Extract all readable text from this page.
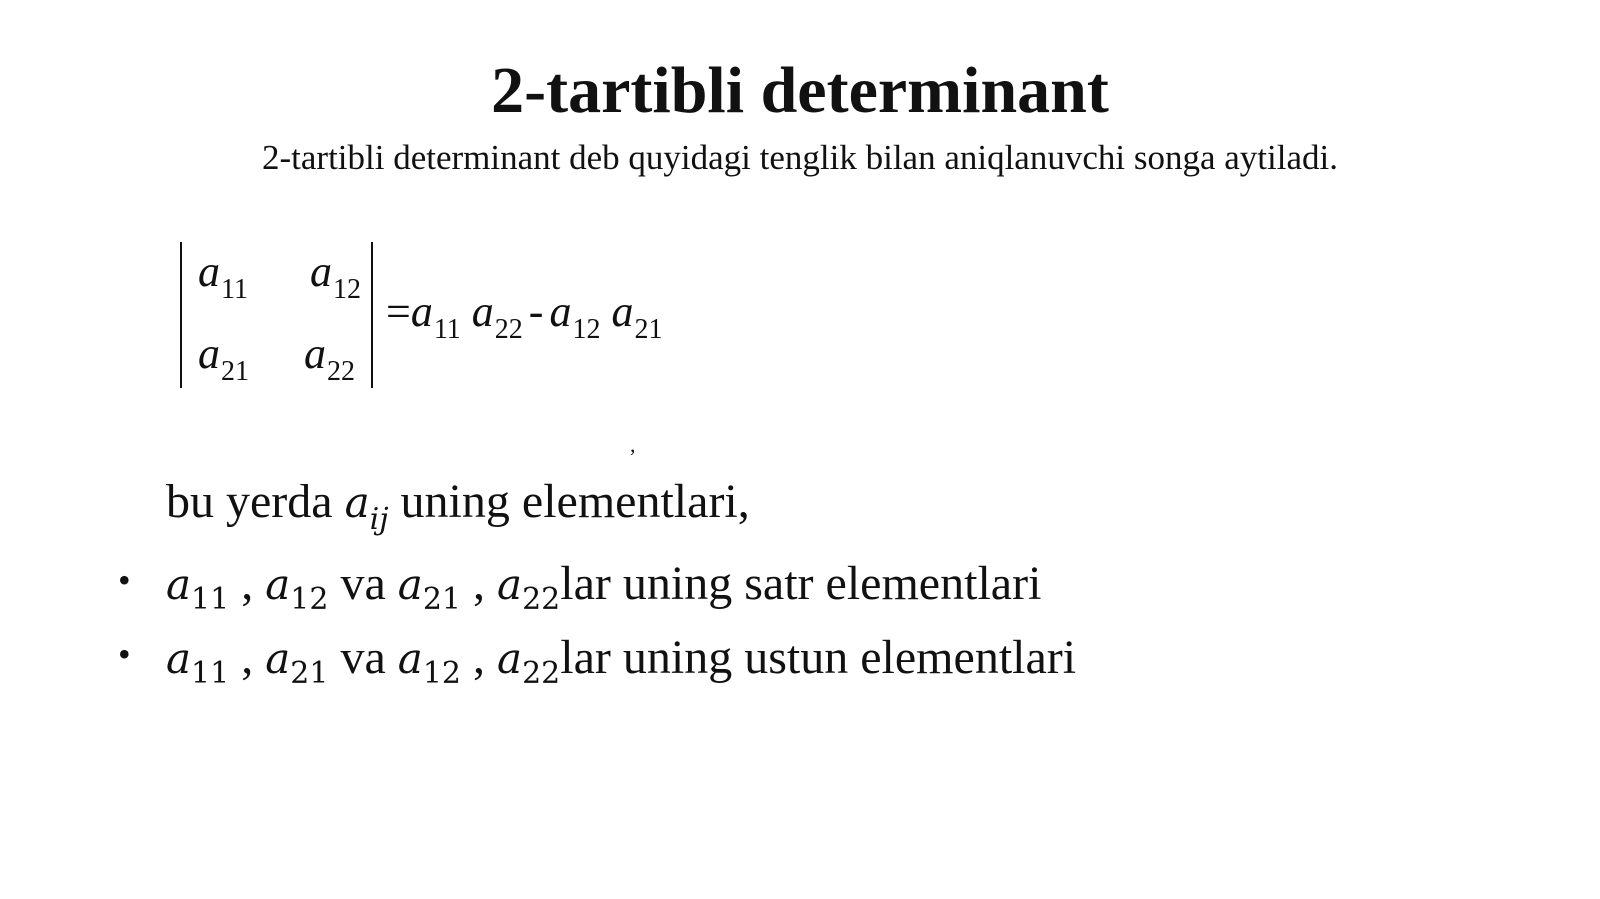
2-tartibli determinant
2-tartibli determinant deb quyidagi tenglik bilan aniqlanuvchi songa aytiladi.
$a_{11}$ $a_{12}$
$a_{21}$ $a_{22}$
$=a_{11}$ $a_{22} - a_{12}$ $a_{21}$
,
bu yerda $a_{ij}$ uning elementlari,
• $a_{11}$ , $a_{12}$ va $a_{21}$ , $a_{22}lar$ uning satr elementlari
• $a_{11}$ , $a_{21}$ va $a_{12}$ , $a_{22}lar$ uning ustun elementlari
